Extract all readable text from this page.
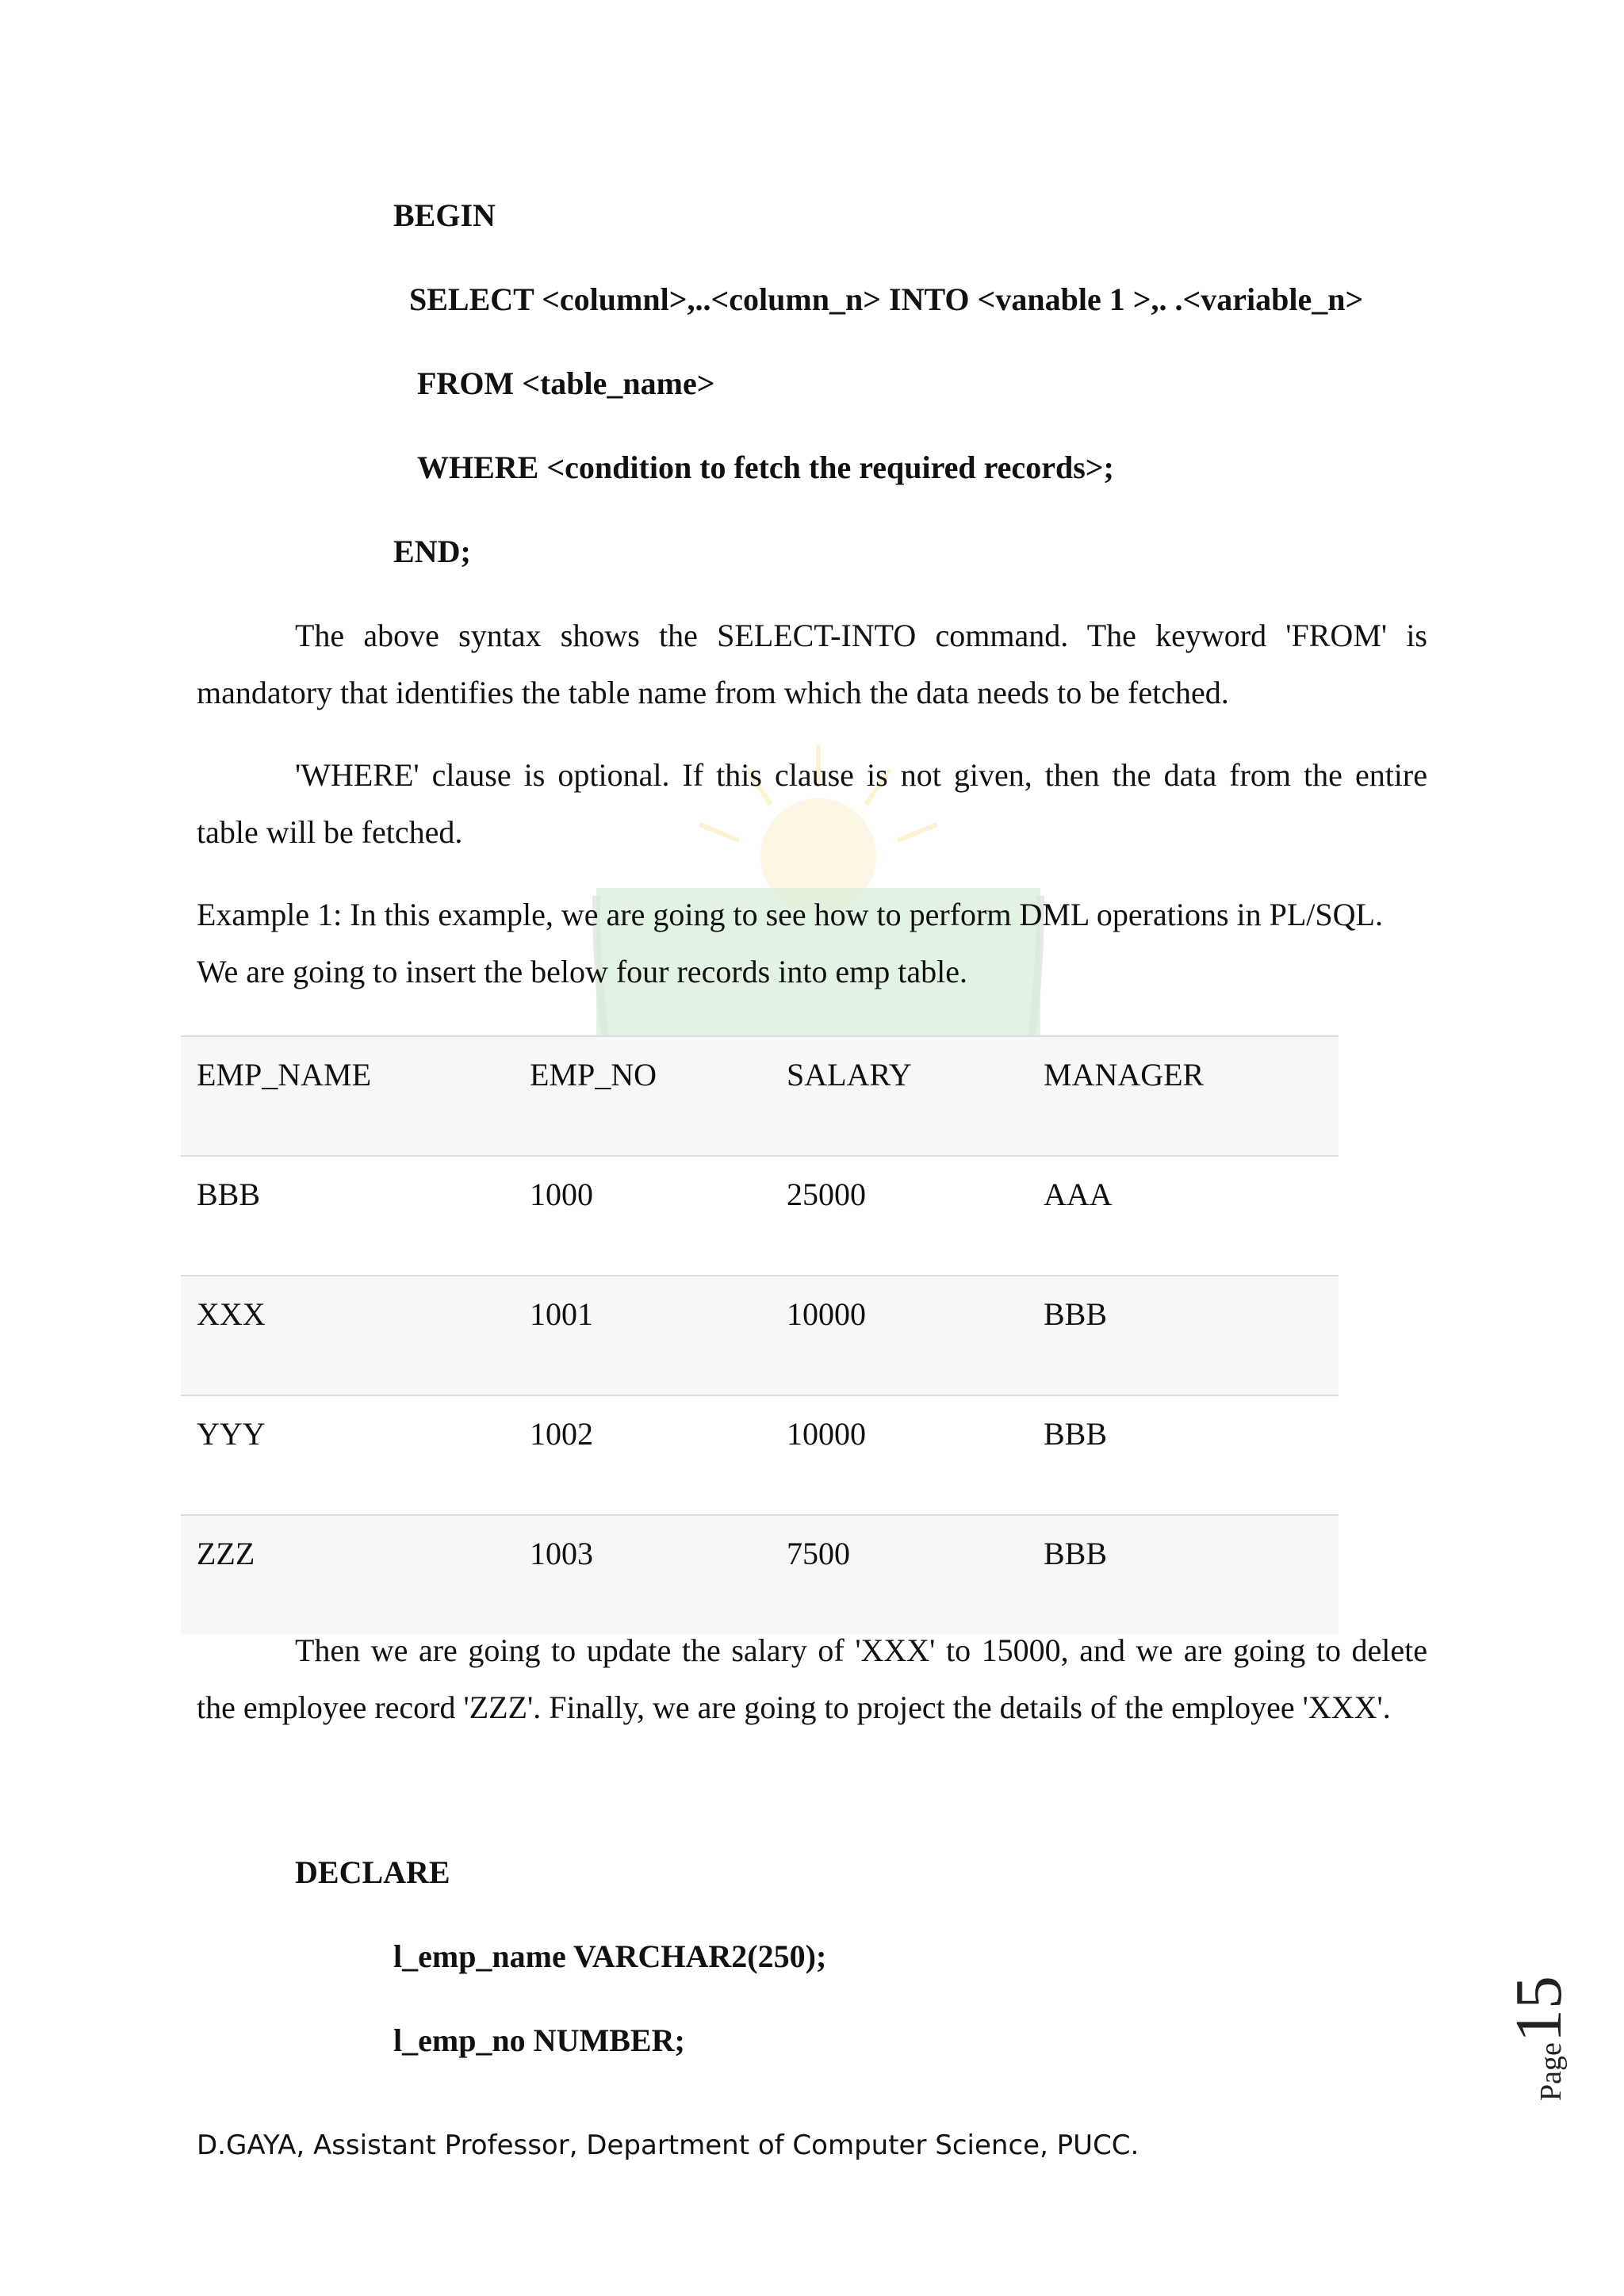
BEGIN
SELECT <columnl>,..<column_n> INTO <vanable 1 >,. .<variable_n>
FROM <table_name>
WHERE <condition to fetch the required records>;
END;
The above syntax shows the SELECT-INTO command. The keyword 'FROM' is
mandatory that identifies the table name from which the data needs to be fetched.
'WHERE' clause is optional. If this clause is not given, then the data from the entire
table will be fetched.
Example 1: In this example, we are going to see how to perform DML operations in PL/SQL.
We are going to insert the below four records into emp table.
EMP_NAME	EMP_NO	SALARY	MANAGER
BBB	1000	25000	AAA
XXX	1001	10000	BBB
YYY	1002	10000	BBB
ZZZ	1003	7500	BBB
Then we are going to update the salary of 'XXX' to 15000, and we are going to delete
the employee record 'ZZZ'. Finally, we are going to project the details of the employee 'XXX'.
DECLARE
l_emp_name VARCHAR2(250);
l_emp_no NUMBER;
Page15
D.GAYA, Assistant Professor, Department of Computer Science, PUCC.
